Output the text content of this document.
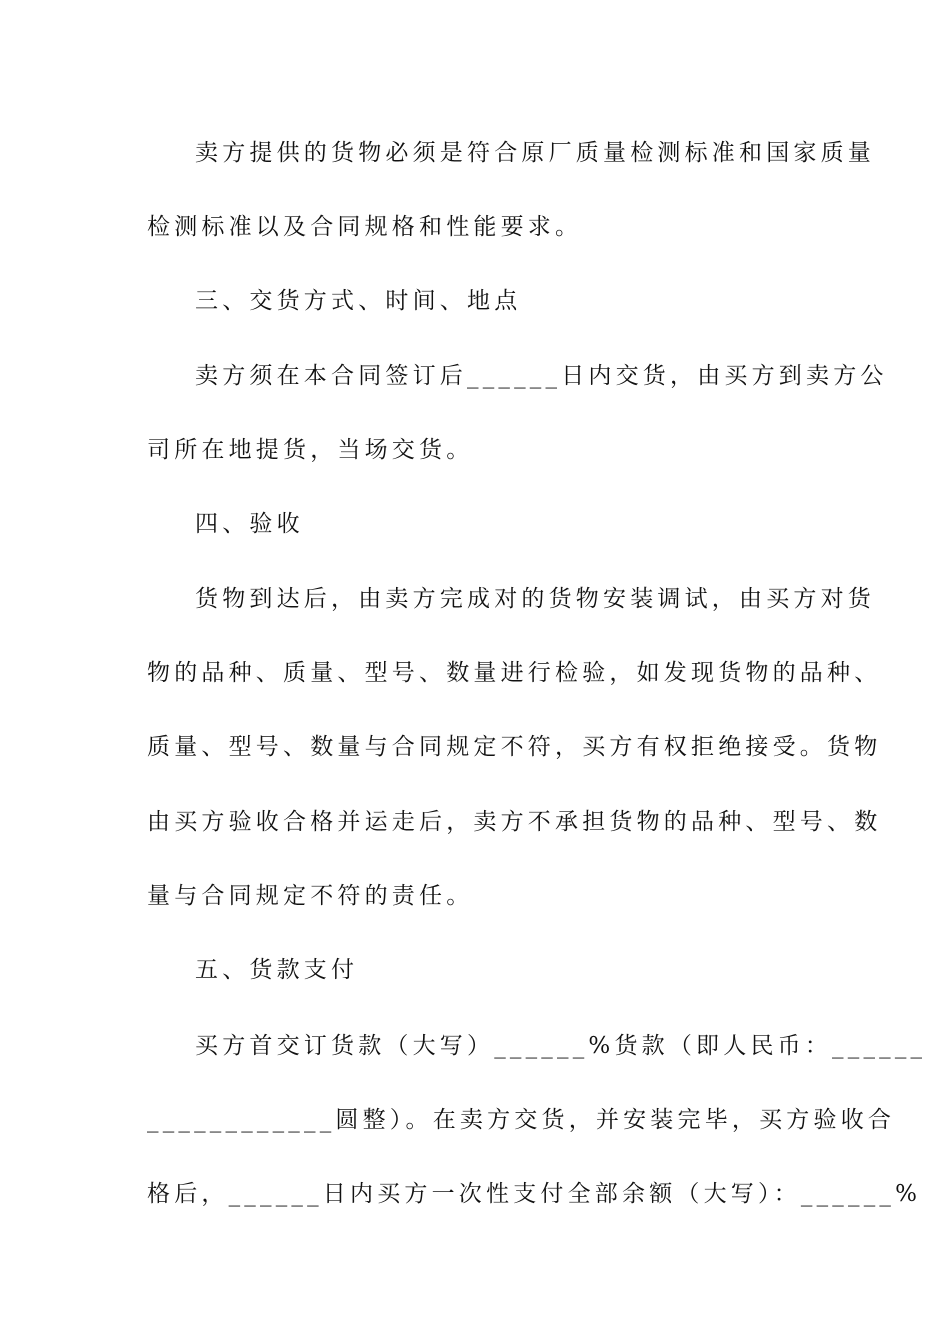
卖方提供的货物必须是符合原厂质量检测标准和国家质量
检测标准以及合同规格和性能要求。
三、交货方式、时间、地点
卖方须在本合同签订后______日内交货，由买方到卖方公
司所在地提货，当场交货。
四、验收
货物到达后，由卖方完成对的货物安装调试，由买方对货
物的品种、质量、型号、数量进行检验，如发现货物的品种、
质量、型号、数量与合同规定不符，买方有权拒绝接受。货物
由买方验收合格并运走后，卖方不承担货物的品种、型号、数
量与合同规定不符的责任。
五、货款支付
买方首交订货款（大写）______%货款（即人民币：______
____________圆整）。在卖方交货，并安装完毕，买方验收合
格后，______日内买方一次性支付全部余额（大写）：______%
